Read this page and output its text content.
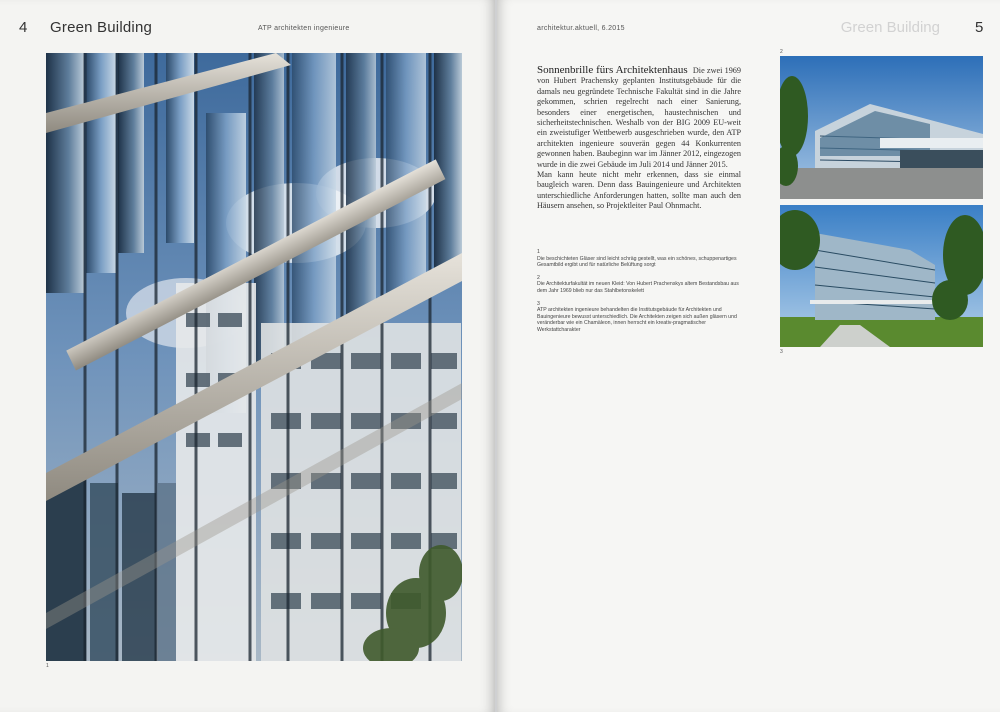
4 Green Building	ATP architekten ingenieure
1
architektur.aktuell, 6.2015	Green Building 5

Sonnenbrille fürs Architektenhaus Die zwei 1969 von Hubert Prachensky geplanten Institutsgebäude für die damals neu gegründete Technische Fakultät sind in die Jahre gekommen, schrien regelrecht nach einer Sanierung, besonders einer energetischen, haustechnischen und sicherheitstechnischen. Weshalb von der BIG 2009 EU-weit ein zweistufiger Wettbewerb ausgeschrieben wurde, den ATP architekten ingenieure souverän gegen 44 Konkurrenten gewonnen haben. Baubeginn war im Jänner 2012, eingezogen wurde in die zwei Gebäude im Juli 2014 und Jänner 2015.

Man kann heute nicht mehr erkennen, dass sie einmal baugleich waren. Denn dass Bauingenieure und Architekten unterschiedliche Anforderungen hatten, sollte man auch den Häusern ansehen, so Projektleiter Paul Ohnmacht.

1
Die beschichteten Gläser sind leicht schräg gestellt, was ein schönes, schuppenartiges Gesamtbild ergibt und für natürliche Belüftung sorgt
2
Die Architekturfakultät im neuen Kleid: Von Hubert Prachenskys altem Bestandsbau aus dem Jahr 1969 blieb nur das Stahlbetonskelett
3
ATP architekten ingenieure behandelten die Institutsgebäude für Architekten und Bauingenieure bewusst unterschiedlich. Die Architekten zeigen sich außen gläsern und veränderbar wie ein Chamäleon, innen herrscht ein kreativ-pragmatischer Werkstattcharakter
2
3
